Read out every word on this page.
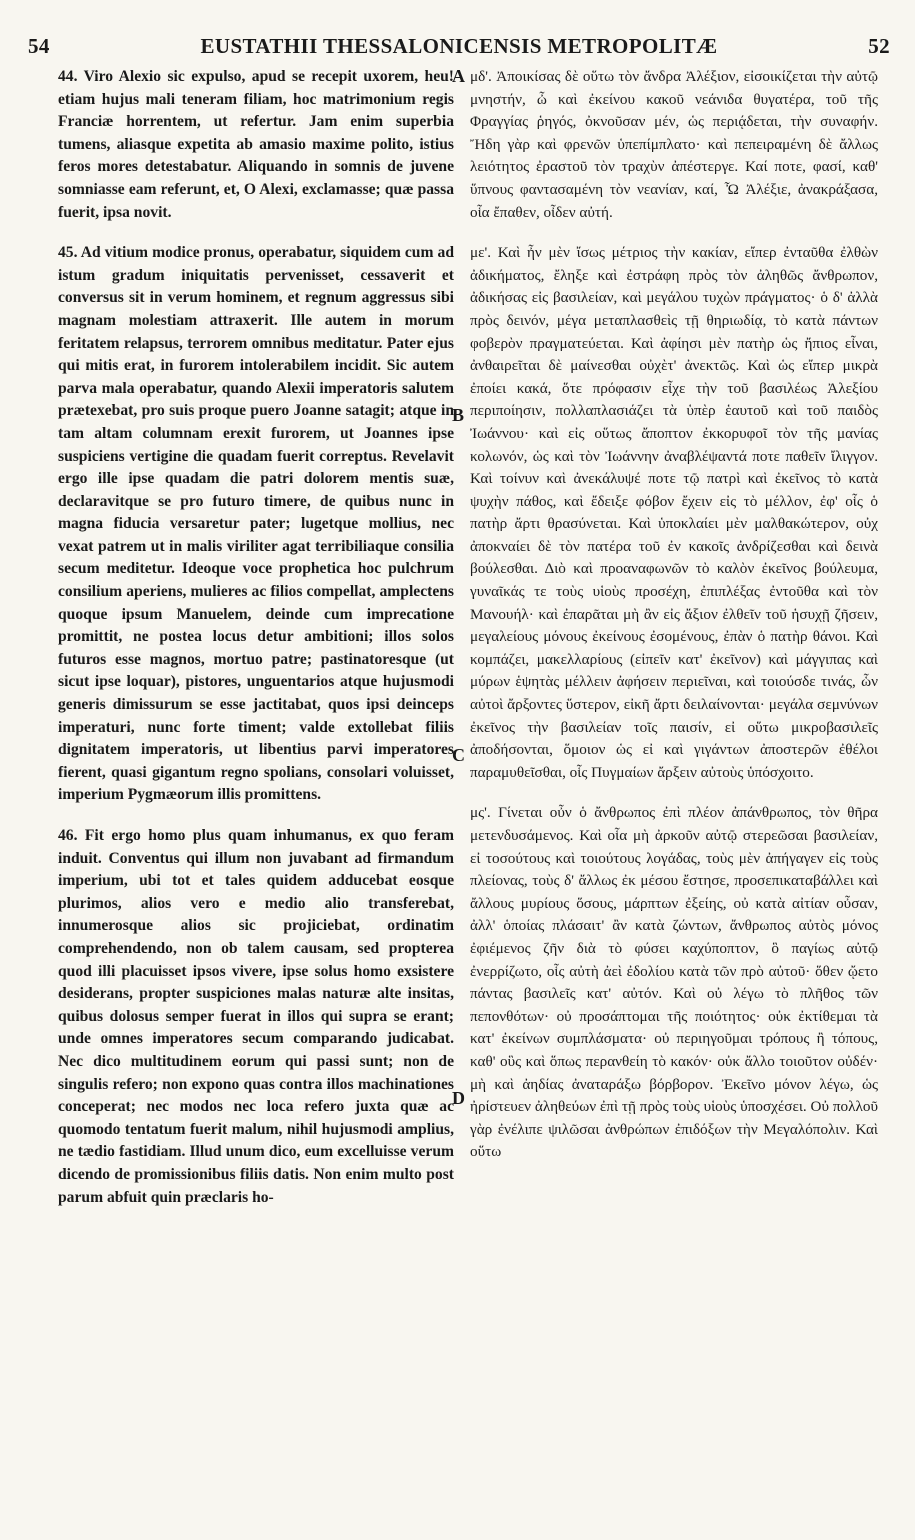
54	EUSTATHII THESSALONICENSIS METROPOLITÆ	52

44. Viro Alexio sic expulso, apud se recepit uxorem, heu! etiam hujus mali teneram filiam, hoc matrimonium regis Franciæ horrentem, ut refertur. Jam enim superbia tumens, aliasque expetita ab amasio maxime polito, istius feros mores detestabatur. Aliquando in somnis de juvene somniasse eam referunt, et, O Alexi, exclamasse; quæ passa fuerit, ipsa novit.

45. Ad vitium modice pronus, operabatur, siquidem cum ad istum gradum iniquitatis pervenisset, cessaverit et conversus sit in verum hominem, et regnum aggressus sibi magnam molestiam attraxerit. Ille autem in morum feritatem relapsus, terrorem omnibus meditatur. Pater ejus qui mitis erat, in furorem intolerabilem incidit. Sic autem parva mala operabatur, quando Alexii imperatoris salutem prætexebat, pro suis proque puero Joanne satagit; atque in tam altam columnam erexit furorem, ut Joannes ipse suspiciens vertigine die quadam fuerit correptus. Revelavit ergo ille ipse quadam die patri dolorem mentis suæ, declaravitque se pro futuro timere, de quibus nunc in magna fiducia versaretur pater; lugetque mollius, nec vexat patrem ut in malis viriliter agat terribiliaque consilia secum meditetur. Ideoque voce prophetica hoc pulchrum consilium aperiens, mulieres ac filios compellat, amplectens quoque ipsum Manuelem, deinde cum imprecatione promittit, ne postea locus detur ambitioni; illos solos futuros esse magnos, mortuo patre; pastinatoresque (ut sicut ipse loquar), pistores, unguentarios atque hujusmodi generis dimissurum se esse jactitabat, quos ipsi deinceps imperaturi, nunc forte timent; valde extollebat filiis dignitatem imperatoris, ut libentius parvi imperatores fierent, quasi gigantum regno spolians, consolari voluisset, imperium Pygmæorum illis promittens.

46. Fit ergo homo plus quam inhumanus, ex quo feram induit. Conventus qui illum non juvabant ad firmandum imperium, ubi tot et tales quidem adducebat eosque plurimos, alios vero e medio alio transferebat, innumerosque alios sic projiciebat, ordinatim comprehendendo, non ob talem causam, sed propterea quod illi placuisset ipsos vivere, ipse solus homo exsistere desiderans, propter suspiciones malas naturæ alte insitas, quibus dolosus semper fuerat in illos qui supra se erant; unde omnes imperatores secum comparando judicabat. Nec dico multitudinem eorum qui passi sunt; non de singulis refero; non expono quas contra illos machinationes conceperat; nec modos nec loca refero juxta quæ ac quomodo tentatum fuerit malum, nihil hujusmodi amplius, ne tædio fastidiam. Illud unum dico, eum excelluisse verum dicendo de promissionibus filiis datis. Non enim multo post parum abfuit quin præclaris ho-

A
B
C
D

μδ'. Ἀποικίσας δὲ οὕτω τὸν ἄνδρα Ἀλέξιον, εἰσοικίζεται τὴν αὐτῷ μνηστήν, ὦ καὶ ἐκείνου κακοῦ νεάνιδα θυγατέρα, τοῦ τῆς Φραγγίας ῥηγός, ὀκνοῦσαν μέν, ὡς περιᾴδεται, τὴν συναφήν. Ἤδη γὰρ καὶ φρενῶν ὑπεπίμπλατο· καὶ πεπειραμένη δὲ ἄλλως λειότητος ἐραστοῦ τὸν τραχὺν ἀπέστεργε. Καί ποτε, φασί, καθ' ὕπνους φαντασαμένη τὸν νεανίαν, καί, Ὦ Ἀλέξιε, ἀνακράξασα, οἷα ἔπαθεν, οἶδεν αὐτή.

με'. Καὶ ἦν μὲν ἴσως μέτριος τὴν κακίαν, εἴπερ ἐνταῦθα ἐλθὼν ἀδικήματος, ἔληξε καὶ ἐστράφη πρὸς τὸν ἀληθῶς ἄνθρωπον, ἀδικήσας εἰς βασιλείαν, καὶ μεγάλου τυχὼν πράγματος· ὁ δ' ἀλλὰ πρὸς δεινόν, μέγα μεταπλασθεὶς τῇ θηριωδίᾳ, τὸ κατὰ πάντων φοβερὸν πραγματεύεται. Καὶ ἀφίησι μὲν πατὴρ ὡς ἤπιος εἶναι, ἀνθαιρεῖται δὲ μαίνεσθαι οὐχὲτ' ἀνεκτῶς. Καὶ ὡς εἴπερ μικρὰ ἐποίει κακά, ὅτε πρόφασιν εἶχε τὴν τοῦ βασιλέως Ἀλεξίου περιποίησιν, πολλαπλασιάζει τὰ ὑπὲρ ἑαυτοῦ καὶ τοῦ παιδὸς Ἰωάννου· καὶ εἰς οὕτως ἄποπτον ἐκκορυφοῖ τὸν τῆς μανίας κολωνόν, ὡς καὶ τὸν Ἰωάννην ἀναβλέψαντά ποτε παθεῖν ἴλιγγον. Καὶ τοίνυν καὶ ἀνεκάλυψέ ποτε τῷ πατρὶ καὶ ἐκεῖνος τὸ κατὰ ψυχὴν πάθος, καὶ ἔδειξε φόβον ἔχειν εἰς τὸ μέλλον, ἐφ' οἷς ὁ πατὴρ ἄρτι θρασύνεται. Καὶ ὑποκλαίει μὲν μαλθακώτερον, οὐχ ἀποκναίει δὲ τὸν πατέρα τοῦ ἐν κακοῖς ἀνδρίζεσθαι καὶ δεινὰ βούλεσθαι. Διὸ καὶ προαναφωνῶν τὸ καλὸν ἐκεῖνος βούλευμα, γυναῖκάς τε τοὺς υἱοὺς προσέχη, ἐπιπλέξας ἐντοῦθα καὶ τὸν Μανουήλ· καὶ ἐπαρᾶται μὴ ἂν εἰς ἄξιον ἐλθεῖν τοῦ ἡσυχῇ ζῆσειν, μεγαλείους μόνους ἐκείνους ἐσομένους, ἐπὰν ὁ πατὴρ θάνοι. Καὶ κομπάζει, μακελλαρίους (εἰπεῖν κατ' ἐκεῖνον) καὶ μάγγιπας καὶ μύρων ἑψητὰς μέλλειν ἀφήσειν περιεῖναι, καὶ τοιούσδε τινάς, ὧν αὐτοὶ ἄρξοντες ὕστερον, εἰκῆ ἄρτι δειλαίνονται· μεγάλα σεμνύνων ἐκεῖνος τὴν βασιλείαν τοῖς παισίν, εἰ οὕτω μικροβασιλεῖς ἀποδήσονται, ὅμοιον ὡς εἰ καὶ γιγάντων ἀποστερῶν ἐθέλοι παραμυθεῖσθαι, οἷς Πυγμαίων ἄρξειν αὐτοὺς ὑπόσχοιτο.

μς'. Γίνεται οὖν ὁ ἄνθρωπος ἐπὶ πλέον ἀπάνθρωπος, τὸν θῆρα μετενδυσάμενος. Καὶ οἷα μὴ ἀρκοῦν αὐτῷ στερεῶσαι βασιλείαν, εἰ τοσούτους καὶ τοιούτους λογάδας, τοὺς μὲν ἀπήγαγεν εἰς τοὺς πλείονας, τοὺς δ' ἄλλως ἐκ μέσου ἔστησε, προσεπικαταβάλλει καὶ ἄλλους μυρίους ὅσους, μάρπτων ἐξείης, οὐ κατὰ αἰτίαν οὖσαν, ἀλλ' ὁποίας πλάσαιτ' ἂν κατὰ ζώντων, ἄνθρωπος αὐτὸς μόνος ἐφιέμενος ζῆν διὰ τὸ φύσει καχύποπτον, ὃ παγίως αὐτῷ ἐνερρίζωτο, οἷς αὐτὴ ἀεὶ ἐδολίου κατὰ τῶν πρὸ αὐτοῦ· ὅθεν ᾤετο πάντας βασιλεῖς κατ' αὐτόν. Καὶ οὐ λέγω τὸ πλῆθος τῶν πεπονθότων· οὐ προσάπτομαι τῆς ποιότητος· οὐκ ἐκτίθεμαι τὰ κατ' ἐκείνων συμπλάσματα· οὐ περιηγοῦμαι τρόπους ἢ τόπους, καθ' οὓς καὶ ὅπως περανθείη τὸ κακόν· οὐκ ἄλλο τοιοῦτον οὐδέν· μὴ καὶ ἀηδίας ἀναταράξω βόρβορον. Ἐκεῖνο μόνον λέγω, ὡς ἠρίστευεν ἀληθεύων ἐπὶ τῇ πρὸς τοὺς υἱοὺς ὑποσχέσει. Οὐ πολλοῦ γὰρ ἐνέλιπε ψιλῶσαι ἀνθρώπων ἐπιδόξων τὴν Μεγαλόπολιν. Καὶ οὕτω
